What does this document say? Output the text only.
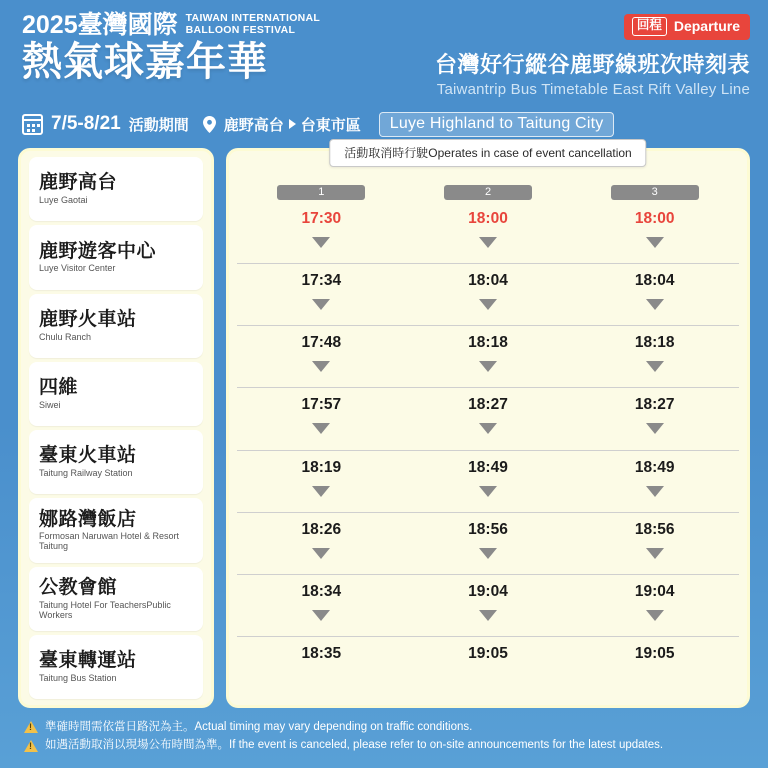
2025臺灣國際 TAIWAN INTERNATIONAL
BALLOON FESTIVAL
熱氣球嘉年華
回程 Departure
台灣好行縱谷鹿野線班次時刻表
Taiwantrip Bus Timetable East Rift Valley Line
7/5-8/21 活動期間 鹿野高台 台東市區	Luye Highland to Taitung City
鹿野高台
Luye Gaotai
鹿野遊客中心
Luye Visitor Center
鹿野火車站
Chulu Ranch
四維
Siwei
臺東火車站
Taitung Railway Station
娜路灣飯店
Formosan Naruwan Hotel & Resort Taitung
公教會館
Taitung Hotel For TeachersPublic Workers
臺東轉運站
Taitung Bus Station
活動取消時行駛Operates in case of event cancellation
1
17:30
17:34
17:48
17:57
18:19
18:26
18:34
18:35
2
18:00
18:04
18:18
18:27
18:49
18:56
19:04
19:05
3
18:00
18:04
18:18
18:27
18:49
18:56
19:04
19:05
!
準確時間需依當日路況為主。Actual timing may vary depending on traffic conditions.
!
如遇活動取消以現場公布時間為準。If the event is canceled, please refer to on-site announcements for the latest updates.
